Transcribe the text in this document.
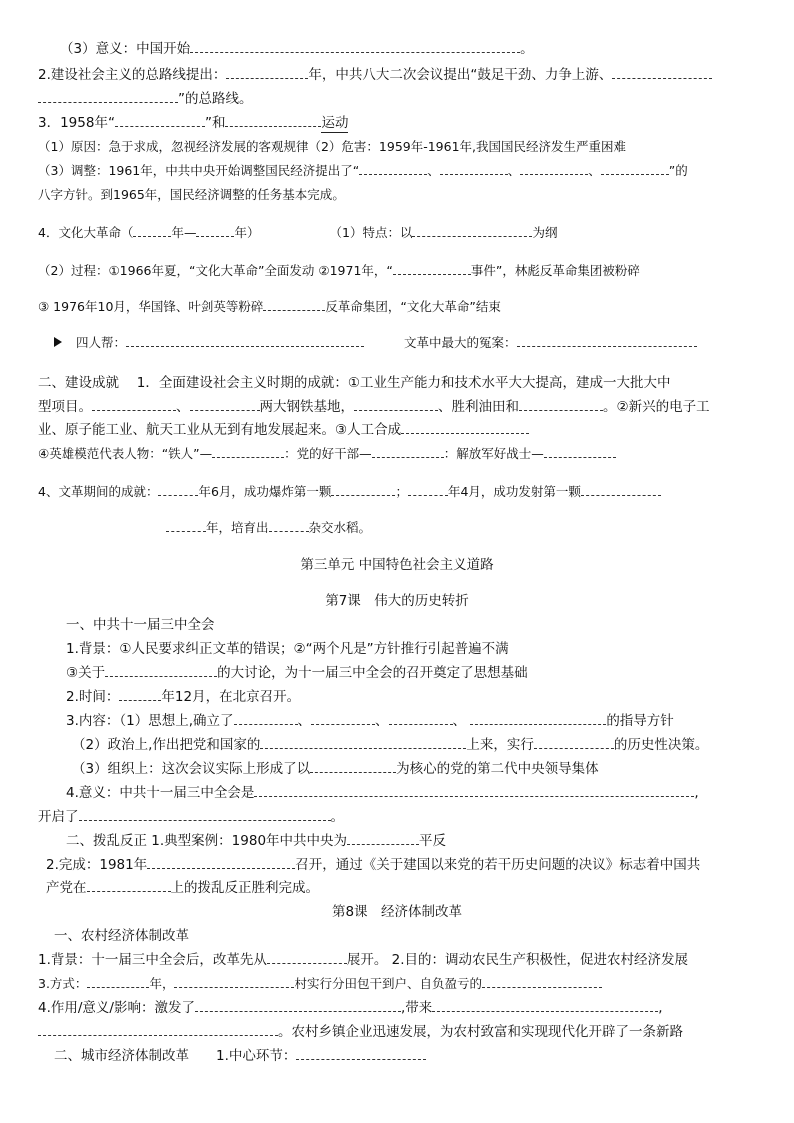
（3）意义：中国开始	。
2.建设社会主义的总路线提出：	年，中共八大二次会议提出“鼓足干劲、力争上游、
”的总路线。
3．1958年“	”和	运动
（1）原因：急于求成，忽视经济发展的客观规律（2）危害：1959年-1961年,我国国民经济发生严重困难
（3）调整：1961年，中共中央开始调整国民经济提出了“	、	、	、	”的
八字方针。到1965年，国民经济调整的任务基本完成。
4．文化大革命（	年—	年）	（1）特点：以	为纲
（2）过程：①1966年夏，“文化大革命”全面发动 ②1971年，“	事件”，林彪反革命集团被粉碎
③ 1976年10月，华国锋、叶剑英等粉碎	反革命集团，“文化大革命”结束
四人帮：	文革中最大的冤案：
二、建设成就　 1．全面建设社会主义时期的成就：①工业生产能力和技术水平大大提高，建成一大批大中
型项目。	、	两大钢铁基地，	、胜利油田和	。②新兴的电子工
业、原子能工业、航天工业从无到有地发展起来。③人工合成
④英雄模范代表人物：“铁人”—	：党的好干部—	：解放军好战士—
4、文革期间的成就：	年6月，成功爆炸第一颗	；	年4月，成功发射第一颗
年，培育出	杂交水稻。
第三单元 中国特色社会主义道路
第7课　伟大的历史转折
一、中共十一届三中全会
1.背景：①人民要求纠正文革的错误；②“两个凡是”方针推行引起普遍不满
③关于	的大讨论，为十一届三中全会的召开奠定了思想基础
2.时间：	年12月，在北京召开。
3.内容：（1）思想上,确立了	、	、	、	的指导方针
（2）政治上,作出把党和国家的	上来，实行	的历史性决策。
（3）组织上：这次会议实际上形成了以	为核心的党的第二代中央领导集体
4.意义：中共十一届三中全会是	,
开启了	。
二、拨乱反正 1.典型案例：1980年中共中央为	平反
2.完成：1981年	召开，通过《关于建国以来党的若干历史问题的决议》标志着中国共
产党在	上的拨乱反正胜利完成。
第8课　经济体制改革
一、农村经济体制改革
1.背景：十一届三中全会后，改革先从	展开。 2.目的：调动农民生产积极性，促进农村经济发展
3.方式：	年，	村实行分田包干到户、自负盈亏的
4.作用/意义/影响：激发了	,带来	,
。农村乡镇企业迅速发展，为农村致富和实现现代化开辟了一条新路
二、城市经济体制改革　　1.中心环节：
